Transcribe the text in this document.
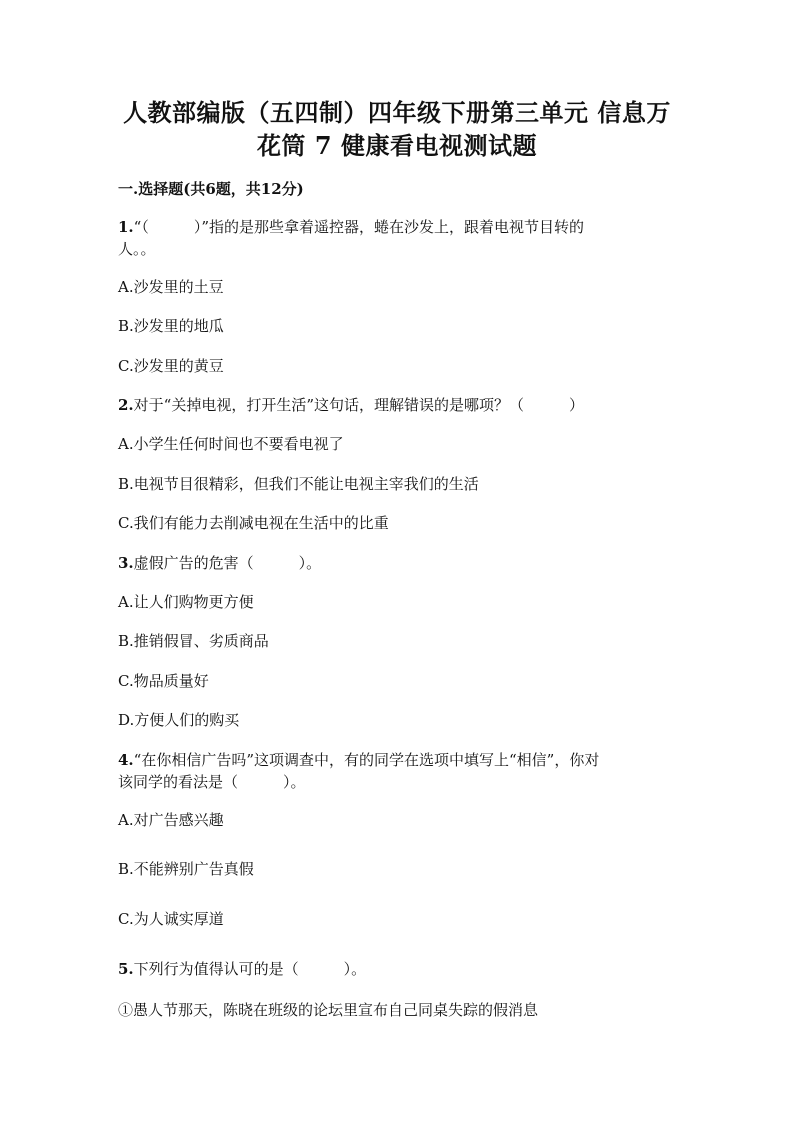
人教部编版（五四制）四年级下册第三单元 信息万
花筒 7 健康看电视测试题
一.选择题(共6题，共12分)
1.“（　　　）”指的是那些拿着遥控器，蜷在沙发上，跟着电视节目转的
人。。
A.沙发里的土豆
B.沙发里的地瓜
C.沙发里的黄豆
2.对于“关掉电视，打开生活”这句话，理解错误的是哪项？（　　　）
A.小学生任何时间也不要看电视了
B.电视节目很精彩，但我们不能让电视主宰我们的生活
C.我们有能力去削减电视在生活中的比重
3.虚假广告的危害（　　　）。
A.让人们购物更方便
B.推销假冒、劣质商品
C.物品质量好
D.方便人们的购买
4.“在你相信广告吗”这项调查中，有的同学在选项中填写上“相信”，你对
该同学的看法是（　　　）。
A.对广告感兴趣
B.不能辨别广告真假
C.为人诚实厚道
5.下列行为值得认可的是（　　　）。
①愚人节那天，陈晓在班级的论坛里宣布自己同桌失踪的假消息
